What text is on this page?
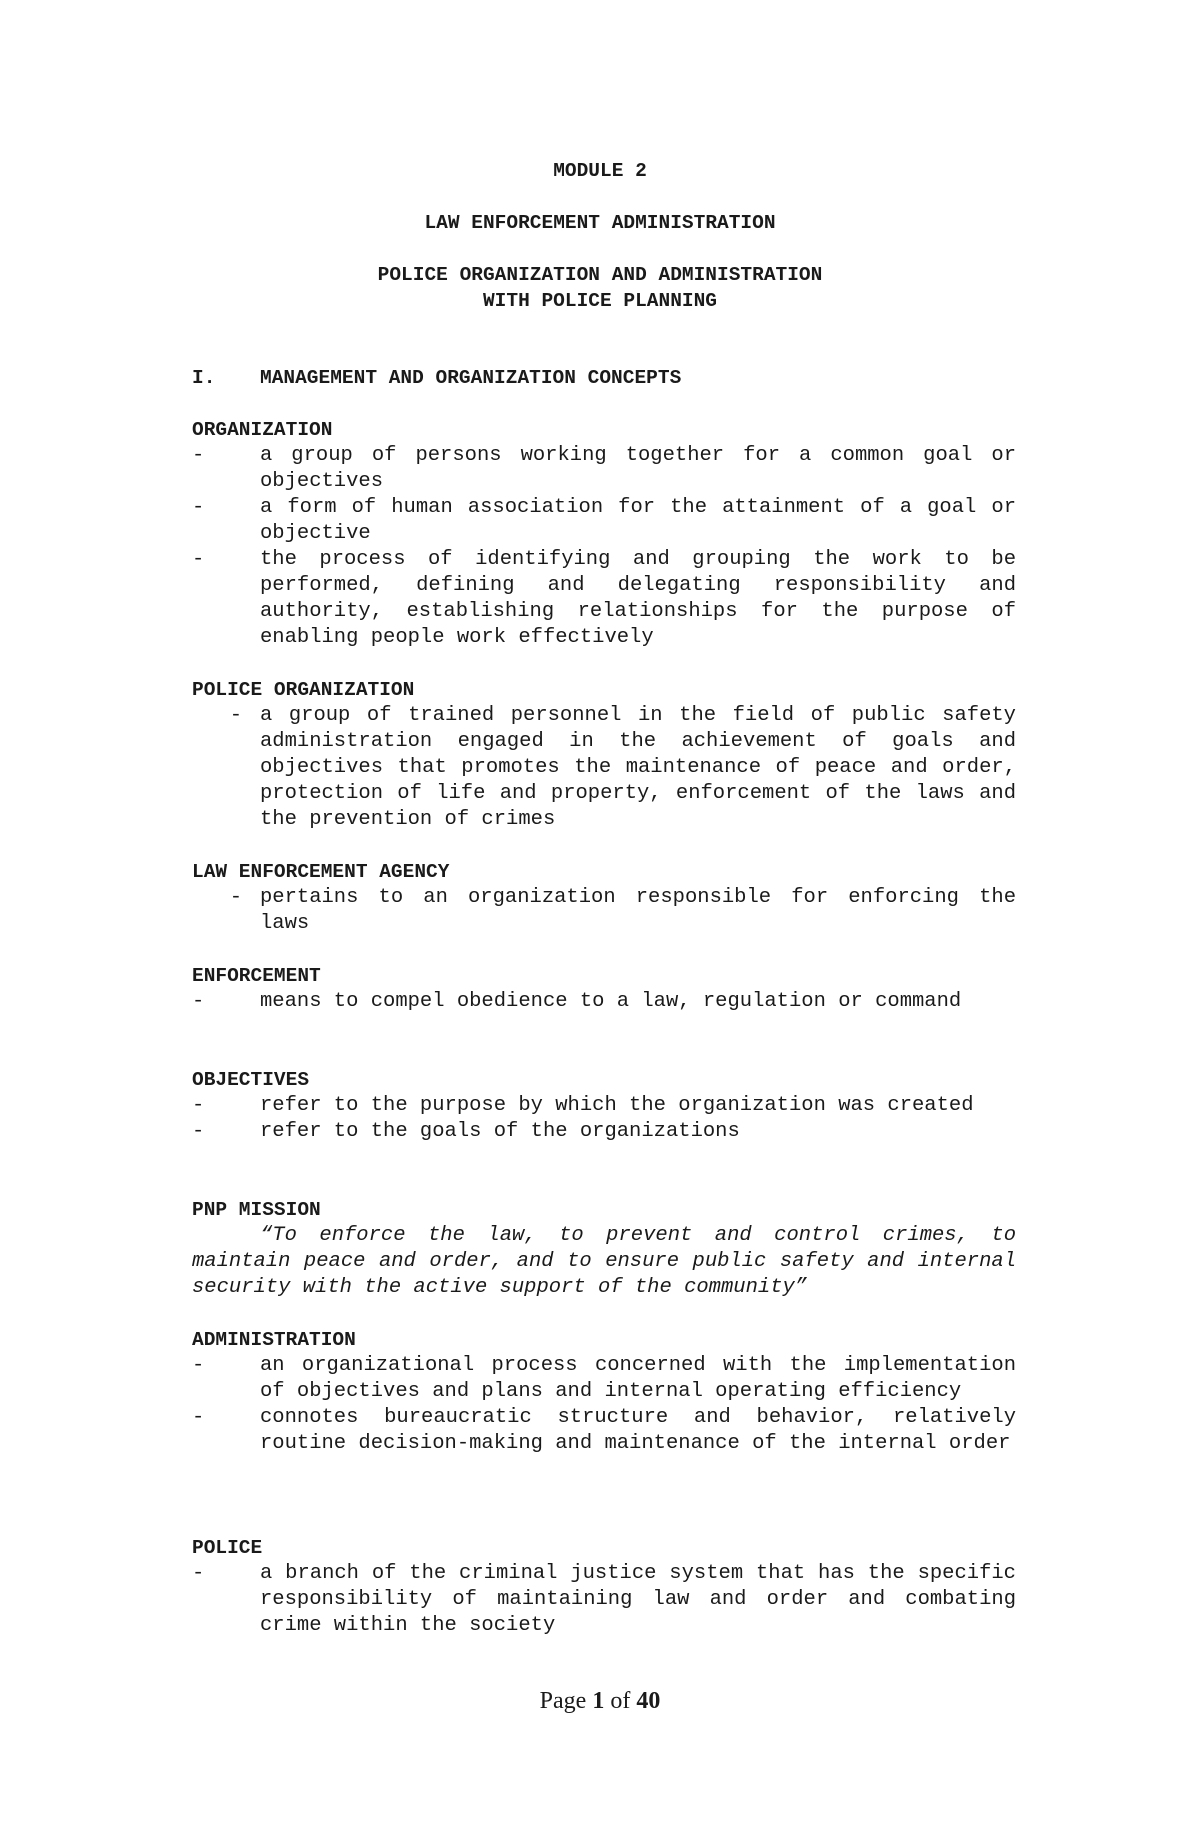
MODULE 2
LAW ENFORCEMENT ADMINISTRATION
POLICE ORGANIZATION AND ADMINISTRATION
WITH POLICE PLANNING
I. MANAGEMENT AND ORGANIZATION CONCEPTS

ORGANIZATION

-	a group of persons working together for a common goal or objectives
-	a form of human association for the attainment of a goal or objective
-	the process of identifying and grouping the work to be performed, defining and delegating responsibility and authority, establishing relationships for the purpose of enabling people work effectively

POLICE ORGANIZATION

- a group of trained personnel in the field of public safety administration engaged in the achievement of goals and objectives that promotes the maintenance of peace and order, protection of life and property, enforcement of the laws and the prevention of crimes

LAW ENFORCEMENT AGENCY

- pertains to an organization responsible for enforcing the laws

ENFORCEMENT

-	means to compel obedience to a law, regulation or command

OBJECTIVES

-	refer to the purpose by which the organization was created
-	refer to the goals of the organizations

PNP MISSION

“To enforce the law, to prevent and control crimes, to maintain peace and order, and to ensure public safety and internal security with the active support of the community”

ADMINISTRATION

-	an organizational process concerned with the implementation of objectives and plans and internal operating efficiency
-	connotes bureaucratic structure and behavior, relatively routine decision-making and maintenance of the internal order

POLICE

-	a branch of the criminal justice system that has the specific responsibility of maintaining law and order and combating crime within the society
Page 1 of 40
